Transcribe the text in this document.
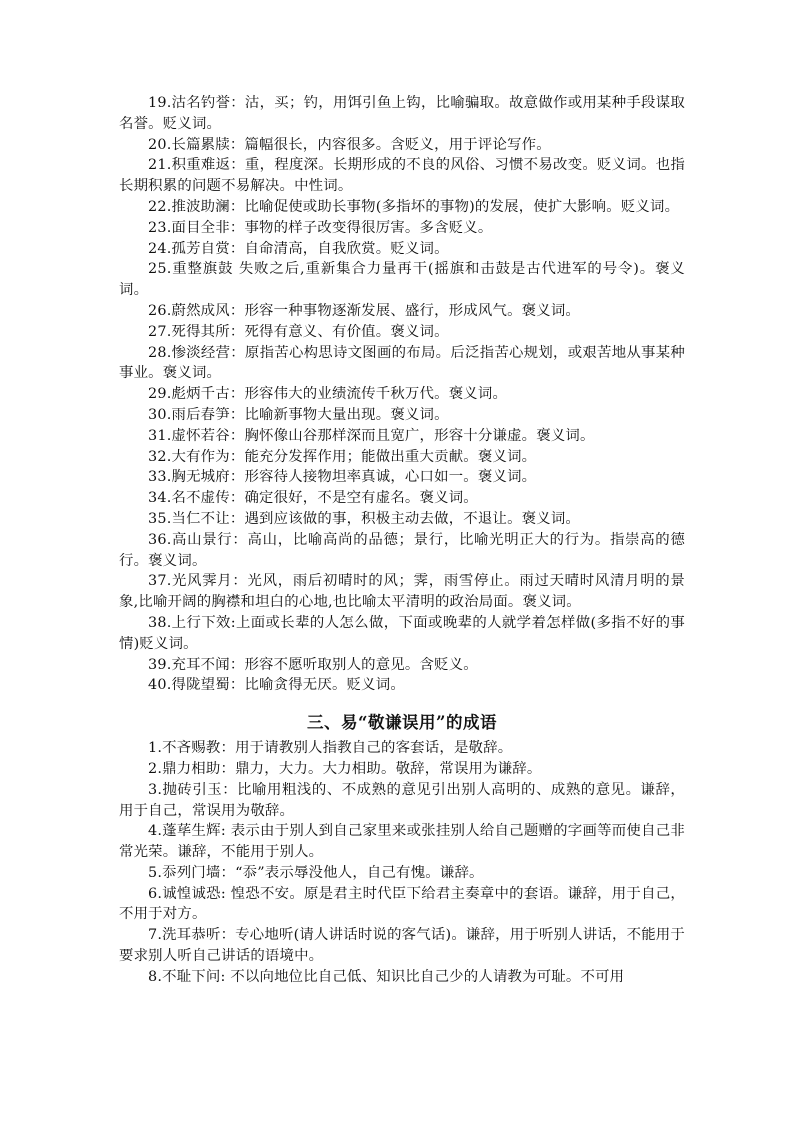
19.沽名钓誉：沽，买；钓，用饵引鱼上钩，比喻骗取。故意做作或用某种手段谋取名誉。贬义词。

20.长篇累牍：篇幅很长，内容很多。含贬义，用于评论写作。

21.积重难返：重，程度深。长期形成的不良的风俗、习惯不易改变。贬义词。也指长期积累的问题不易解决。中性词。

22.推波助澜：比喻促使或助长事物(多指坏的事物)的发展，使扩大影响。贬义词。

23.面目全非：事物的样子改变得很厉害。多含贬义。

24.孤芳自赏：自命清高，自我欣赏。贬义词。

25.重整旗鼓 失败之后,重新集合力量再干(摇旗和击鼓是古代进军的号令)。褒义词。

26.蔚然成风：形容一种事物逐渐发展、盛行，形成风气。褒义词。

27.死得其所：死得有意义、有价值。褒义词。

28.惨淡经营：原指苦心构思诗文图画的布局。后泛指苦心规划，或艰苦地从事某种事业。褒义词。

29.彪炳千古：形容伟大的业绩流传千秋万代。褒义词。

30.雨后春笋：比喻新事物大量出现。褒义词。

31.虚怀若谷：胸怀像山谷那样深而且宽广，形容十分谦虚。褒义词。

32.大有作为：能充分发挥作用；能做出重大贡献。褒义词。

33.胸无城府：形容待人接物坦率真诚，心口如一。褒义词。

34.名不虚传：确定很好，不是空有虚名。褒义词。

35.当仁不让：遇到应该做的事，积极主动去做，不退让。褒义词。

36.高山景行：高山，比喻高尚的品德；景行，比喻光明正大的行为。指崇高的德行。褒义词。

37.光风霁月：光风，雨后初晴时的风；霁，雨雪停止。雨过天晴时风清月明的景象,比喻开阔的胸襟和坦白的心地,也比喻太平清明的政治局面。褒义词。

38.上行下效:上面或长辈的人怎么做，下面或晚辈的人就学着怎样做(多指不好的事情)贬义词。

39.充耳不闻：形容不愿听取别人的意见。含贬义。

40.得陇望蜀：比喻贪得无厌。贬义词。

三、易“敬谦误用”的成语

1.不吝赐教：用于请教别人指教自己的客套话，是敬辞。

2.鼎力相助：鼎力，大力。大力相助。敬辞，常误用为谦辞。

3.抛砖引玉：比喻用粗浅的、不成熟的意见引出别人高明的、成熟的意见。谦辞，用于自己，常误用为敬辞。

4.蓬荜生辉: 表示由于别人到自己家里来或张挂别人给自己题赠的字画等而使自己非常光荣。谦辞，不能用于别人。

5.忝列门墙：“忝”表示辱没他人，自己有愧。谦辞。

6.诚惶诚恐: 惶恐不安。原是君主时代臣下给君主奏章中的套语。谦辞，用于自己，不用于对方。

7.洗耳恭听：专心地听(请人讲话时说的客气话)。谦辞，用于听别人讲话，不能用于要求别人听自己讲话的语境中。

8.不耻下问: 不以向地位比自己低、知识比自己少的人请教为可耻。不可用
